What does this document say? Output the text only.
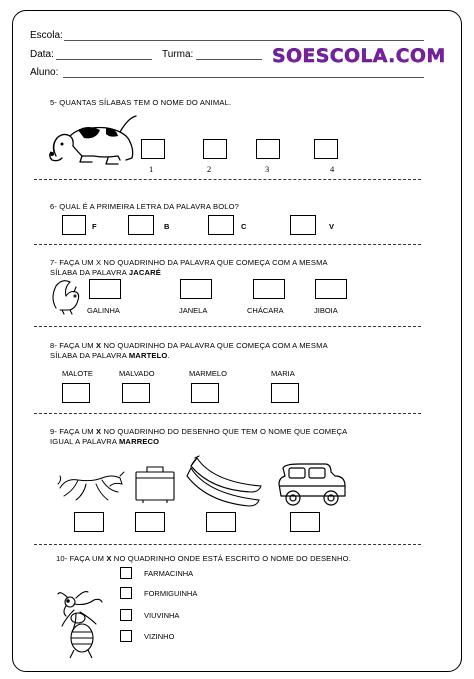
Escola:
Data:	Turma:	SOESCOLA.COM
Aluno:
5- QUANTAS SÍLABAS TEM O NOME DO ANIMAL.
1	2	3	4
6- QUAL É A PRIMEIRA LETRA DA PALAVRA BOLO?
F	B	C	V
7- FAÇA UM X NO QUADRINHO DA PALAVRA QUE COMEÇA COM A MESMA
SÍLABA DA PALAVRA JACARÉ
GALINHA	JANELA	CHÁCARA	JIBOIA
8- FAÇA UM X NO QUADRINHO DA PALAVRA QUE COMEÇA COM A MESMA
SÍLABA DA PALAVRA MARTELO.
MALOTE	MALVADO	MARMELO	MARIA
9- FAÇA UM X NO QUADRINHO DO DESENHO QUE TEM O NOME QUE COMEÇA
IGUAL A PALAVRA MARRECO
10- FAÇA UM X NO QUADRINHO ONDE ESTÁ ESCRITO O NOME DO DESENHO.
FARMACINHA
FORMIGUINHA
VIUVINHA
VIZINHO
